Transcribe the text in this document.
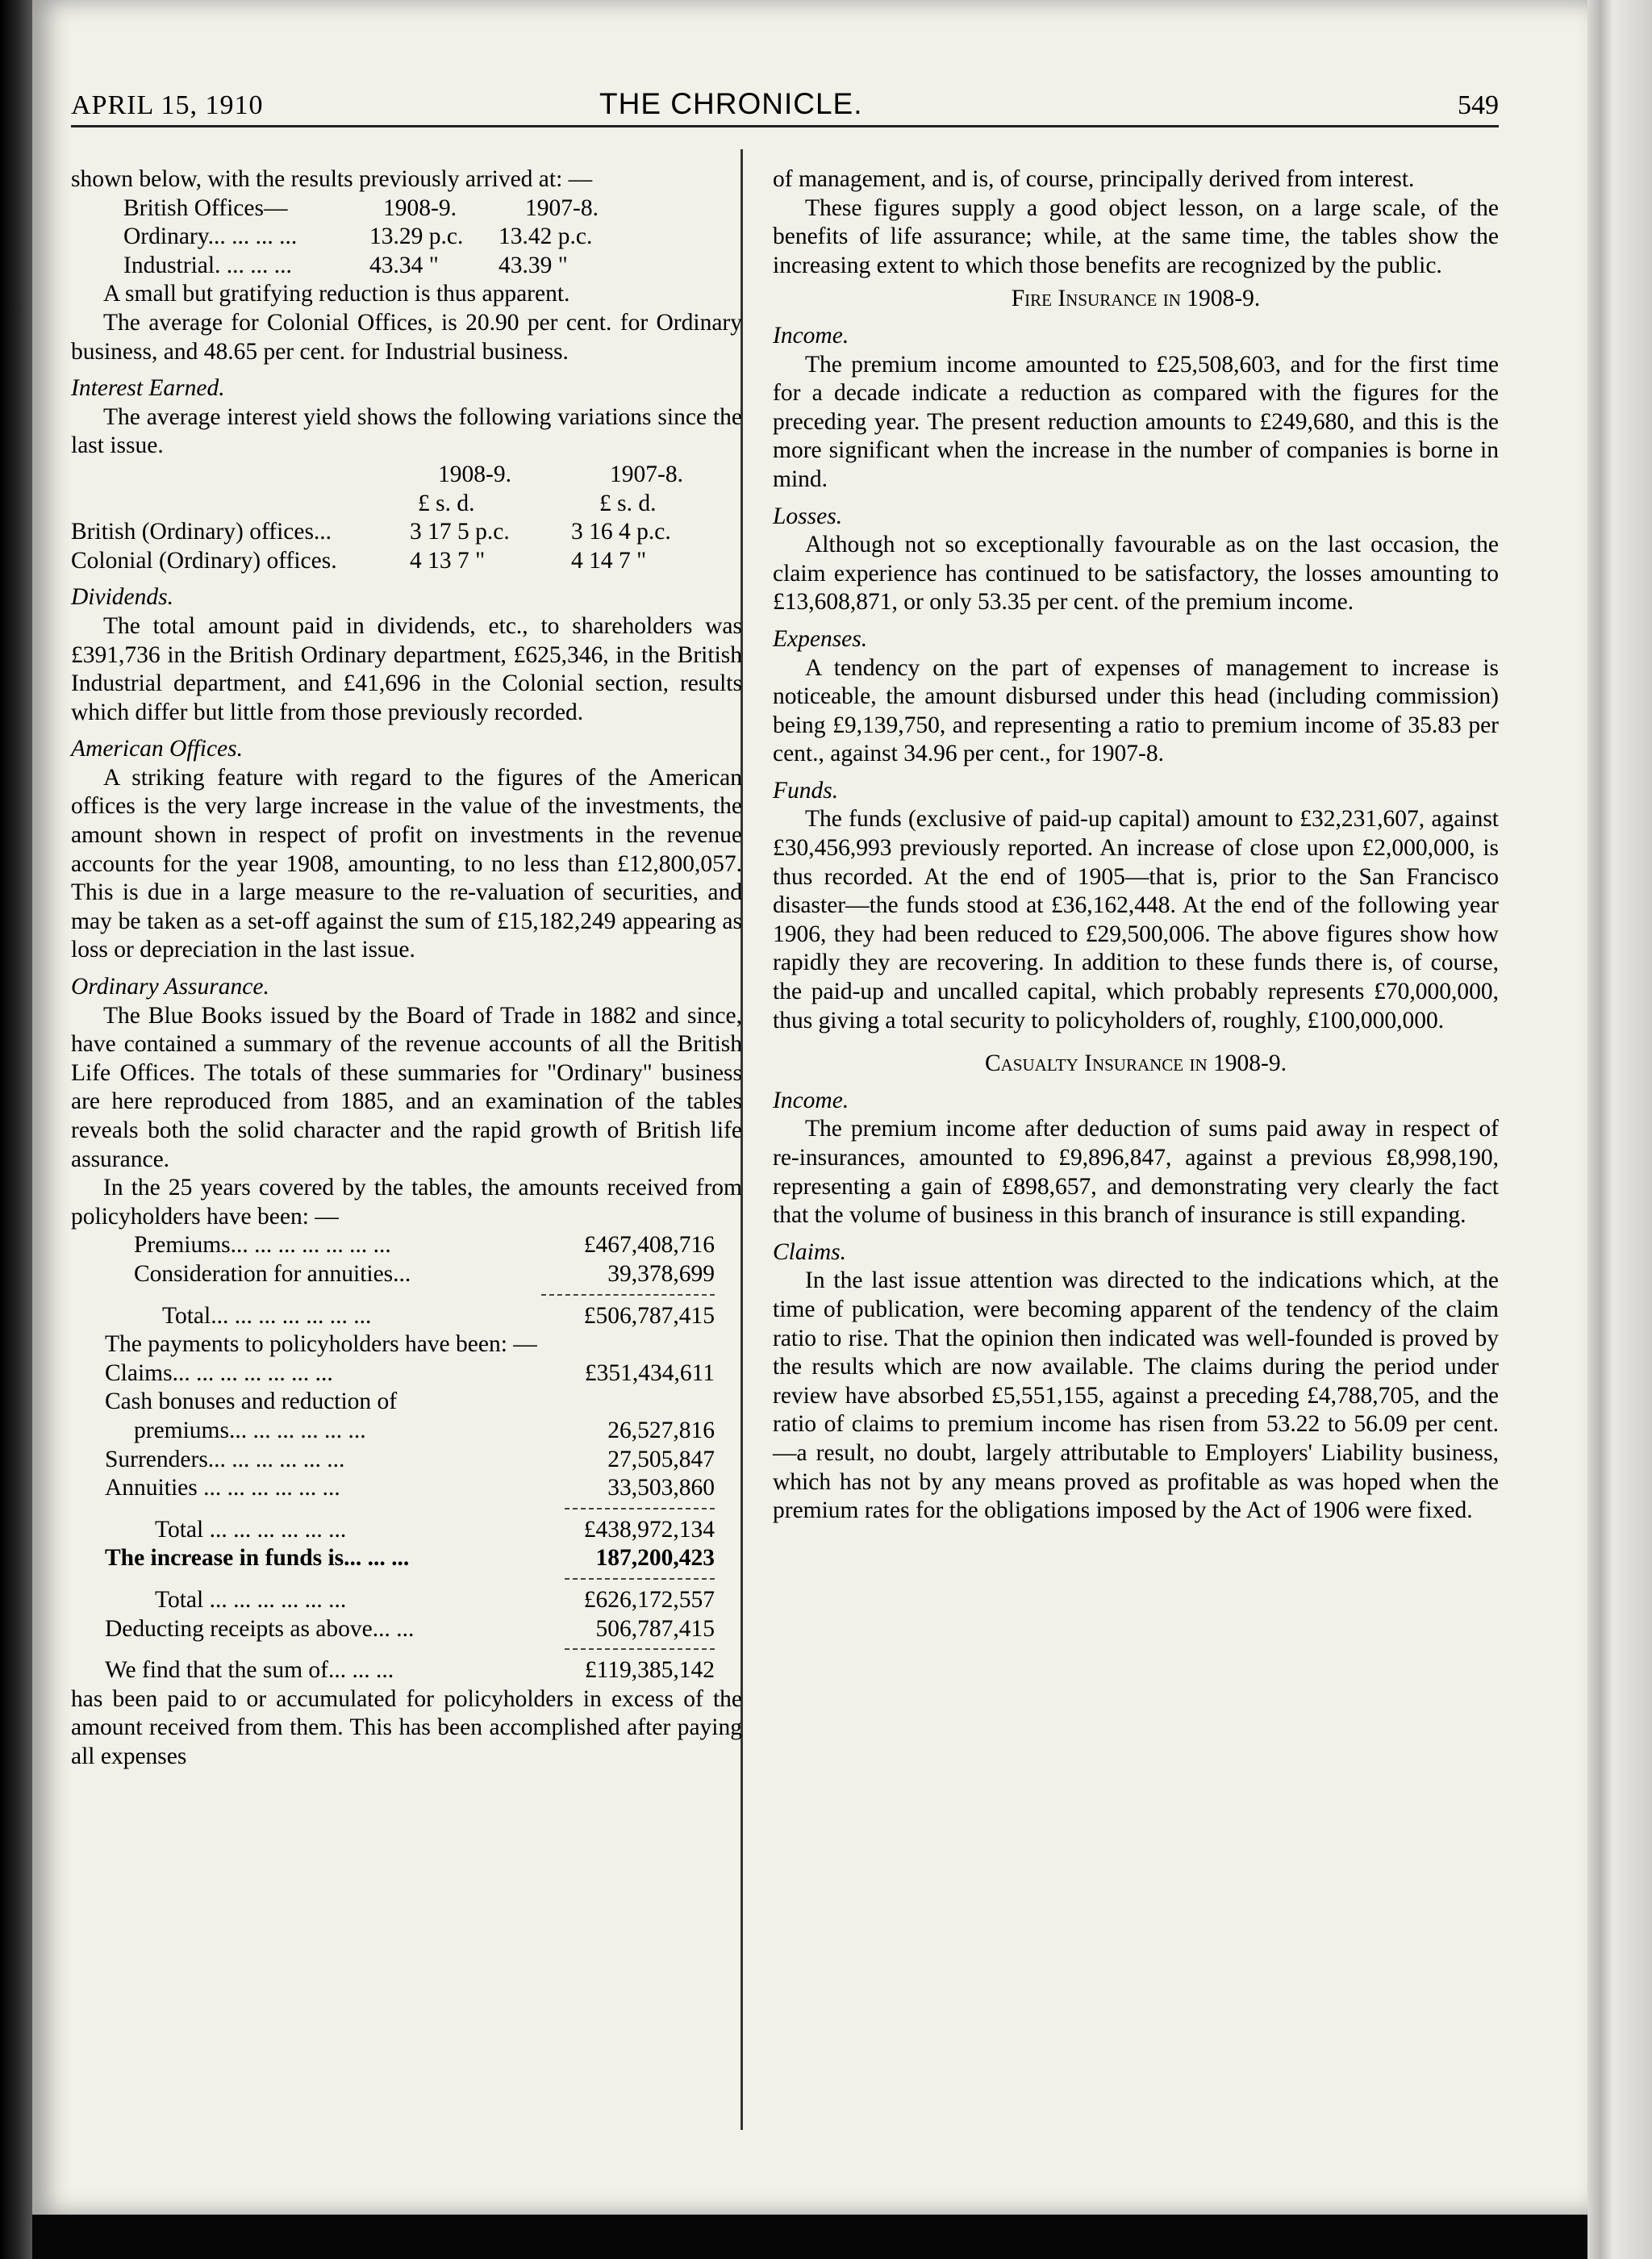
APRIL 15, 1910	THE CHRONICLE.	549

shown below, with the results previously arrived at: —

British Offices—	1908-9.	1907-8.
Ordinary... ... ... ...	13.29 p.c.	13.42 p.c.
Industrial. ... ... ...	43.34 "	43.39 "

A small but gratifying reduction is thus apparent.

The average for Colonial Offices, is 20.90 per cent. for Ordinary business, and 48.65 per cent. for Industrial business.

Interest Earned.

The average interest yield shows the following variations since the last issue.

1908-9.	1907-8.
£ s. d.	£ s. d.
British (Ordinary) offices...	3 17 5 p.c.	3 16 4 p.c.
Colonial (Ordinary) offices.	4 13 7 "	4 14 7 "
Dividends.

The total amount paid in dividends, etc., to shareholders was £391,736 in the British Ordinary department, £625,346, in the British Industrial department, and £41,696 in the Colonial section, results which differ but little from those previously recorded.

American Offices.

A striking feature with regard to the figures of the American offices is the very large increase in the value of the investments, the amount shown in respect of profit on investments in the revenue accounts for the year 1908, amounting, to no less than £12,800,057. This is due in a large measure to the re-valuation of securities, and may be taken as a set-off against the sum of £15,182,249 appearing as loss or depreciation in the last issue.

Ordinary Assurance.

The Blue Books issued by the Board of Trade in 1882 and since, have contained a summary of the revenue accounts of all the British Life Offices. The totals of these summaries for "Ordinary" business are here reproduced from 1885, and an examination of the tables reveals both the solid character and the rapid growth of British life assurance.

In the 25 years covered by the tables, the amounts received from policyholders have been: —

Premiums... ... ... ... ... ... ...	£467,408,716
Consideration for annuities...	39,378,699
Total... ... ... ... ... ... ...	£506,787,415

The payments to policyholders have been: —

Claims... ... ... ... ... ... ...	£351,434,611
Cash bonuses and reduction of
premiums... ... ... ... ... ...	26,527,816
Surrenders... ... ... ... ... ...	27,505,847
Annuities ... ... ... ... ... ...	33,503,860
Total ... ... ... ... ... ...	£438,972,134
The increase in funds is... ... ...	187,200,423
Total ... ... ... ... ... ...	£626,172,557
Deducting receipts as above... ...	506,787,415
We find that the sum of... ... ...	£119,385,142

has been paid to or accumulated for policyholders in excess of the amount received from them. This has been accomplished after paying all expenses

of management, and is, of course, principally derived from interest.

These figures supply a good object lesson, on a large scale, of the benefits of life assurance; while, at the same time, the tables show the increasing extent to which those benefits are recognized by the public.

Fire Insurance in 1908-9.
Income.

The premium income amounted to £25,508,603, and for the first time for a decade indicate a reduction as compared with the figures for the preceding year. The present reduction amounts to £249,680, and this is the more significant when the increase in the number of companies is borne in mind.

Losses.

Although not so exceptionally favourable as on the last occasion, the claim experience has continued to be satisfactory, the losses amounting to £13,608,871, or only 53.35 per cent. of the premium income.

Expenses.

A tendency on the part of expenses of management to increase is noticeable, the amount disbursed under this head (including commission) being £9,139,750, and representing a ratio to premium income of 35.83 per cent., against 34.96 per cent., for 1907-8.

Funds.

The funds (exclusive of paid-up capital) amount to £32,231,607, against £30,456,993 previously reported. An increase of close upon £2,000,000, is thus recorded. At the end of 1905—that is, prior to the San Francisco disaster—the funds stood at £36,162,448. At the end of the following year 1906, they had been reduced to £29,500,006. The above figures show how rapidly they are recovering. In addition to these funds there is, of course, the paid-up and uncalled capital, which probably represents £70,000,000, thus giving a total security to policyholders of, roughly, £100,000,000.

Casualty Insurance in 1908-9.
Income.

The premium income after deduction of sums paid away in respect of re-insurances, amounted to £9,896,847, against a previous £8,998,190, representing a gain of £898,657, and demonstrating very clearly the fact that the volume of business in this branch of insurance is still expanding.

Claims.

In the last issue attention was directed to the indications which, at the time of publication, were becoming apparent of the tendency of the claim ratio to rise. That the opinion then indicated was well-founded is proved by the results which are now available. The claims during the period under review have absorbed £5,551,155, against a preceding £4,788,705, and the ratio of claims to premium income has risen from 53.22 to 56.09 per cent.—a result, no doubt, largely attributable to Employers' Liability business, which has not by any means proved as profitable as was hoped when the premium rates for the obligations imposed by the Act of 1906 were fixed.
